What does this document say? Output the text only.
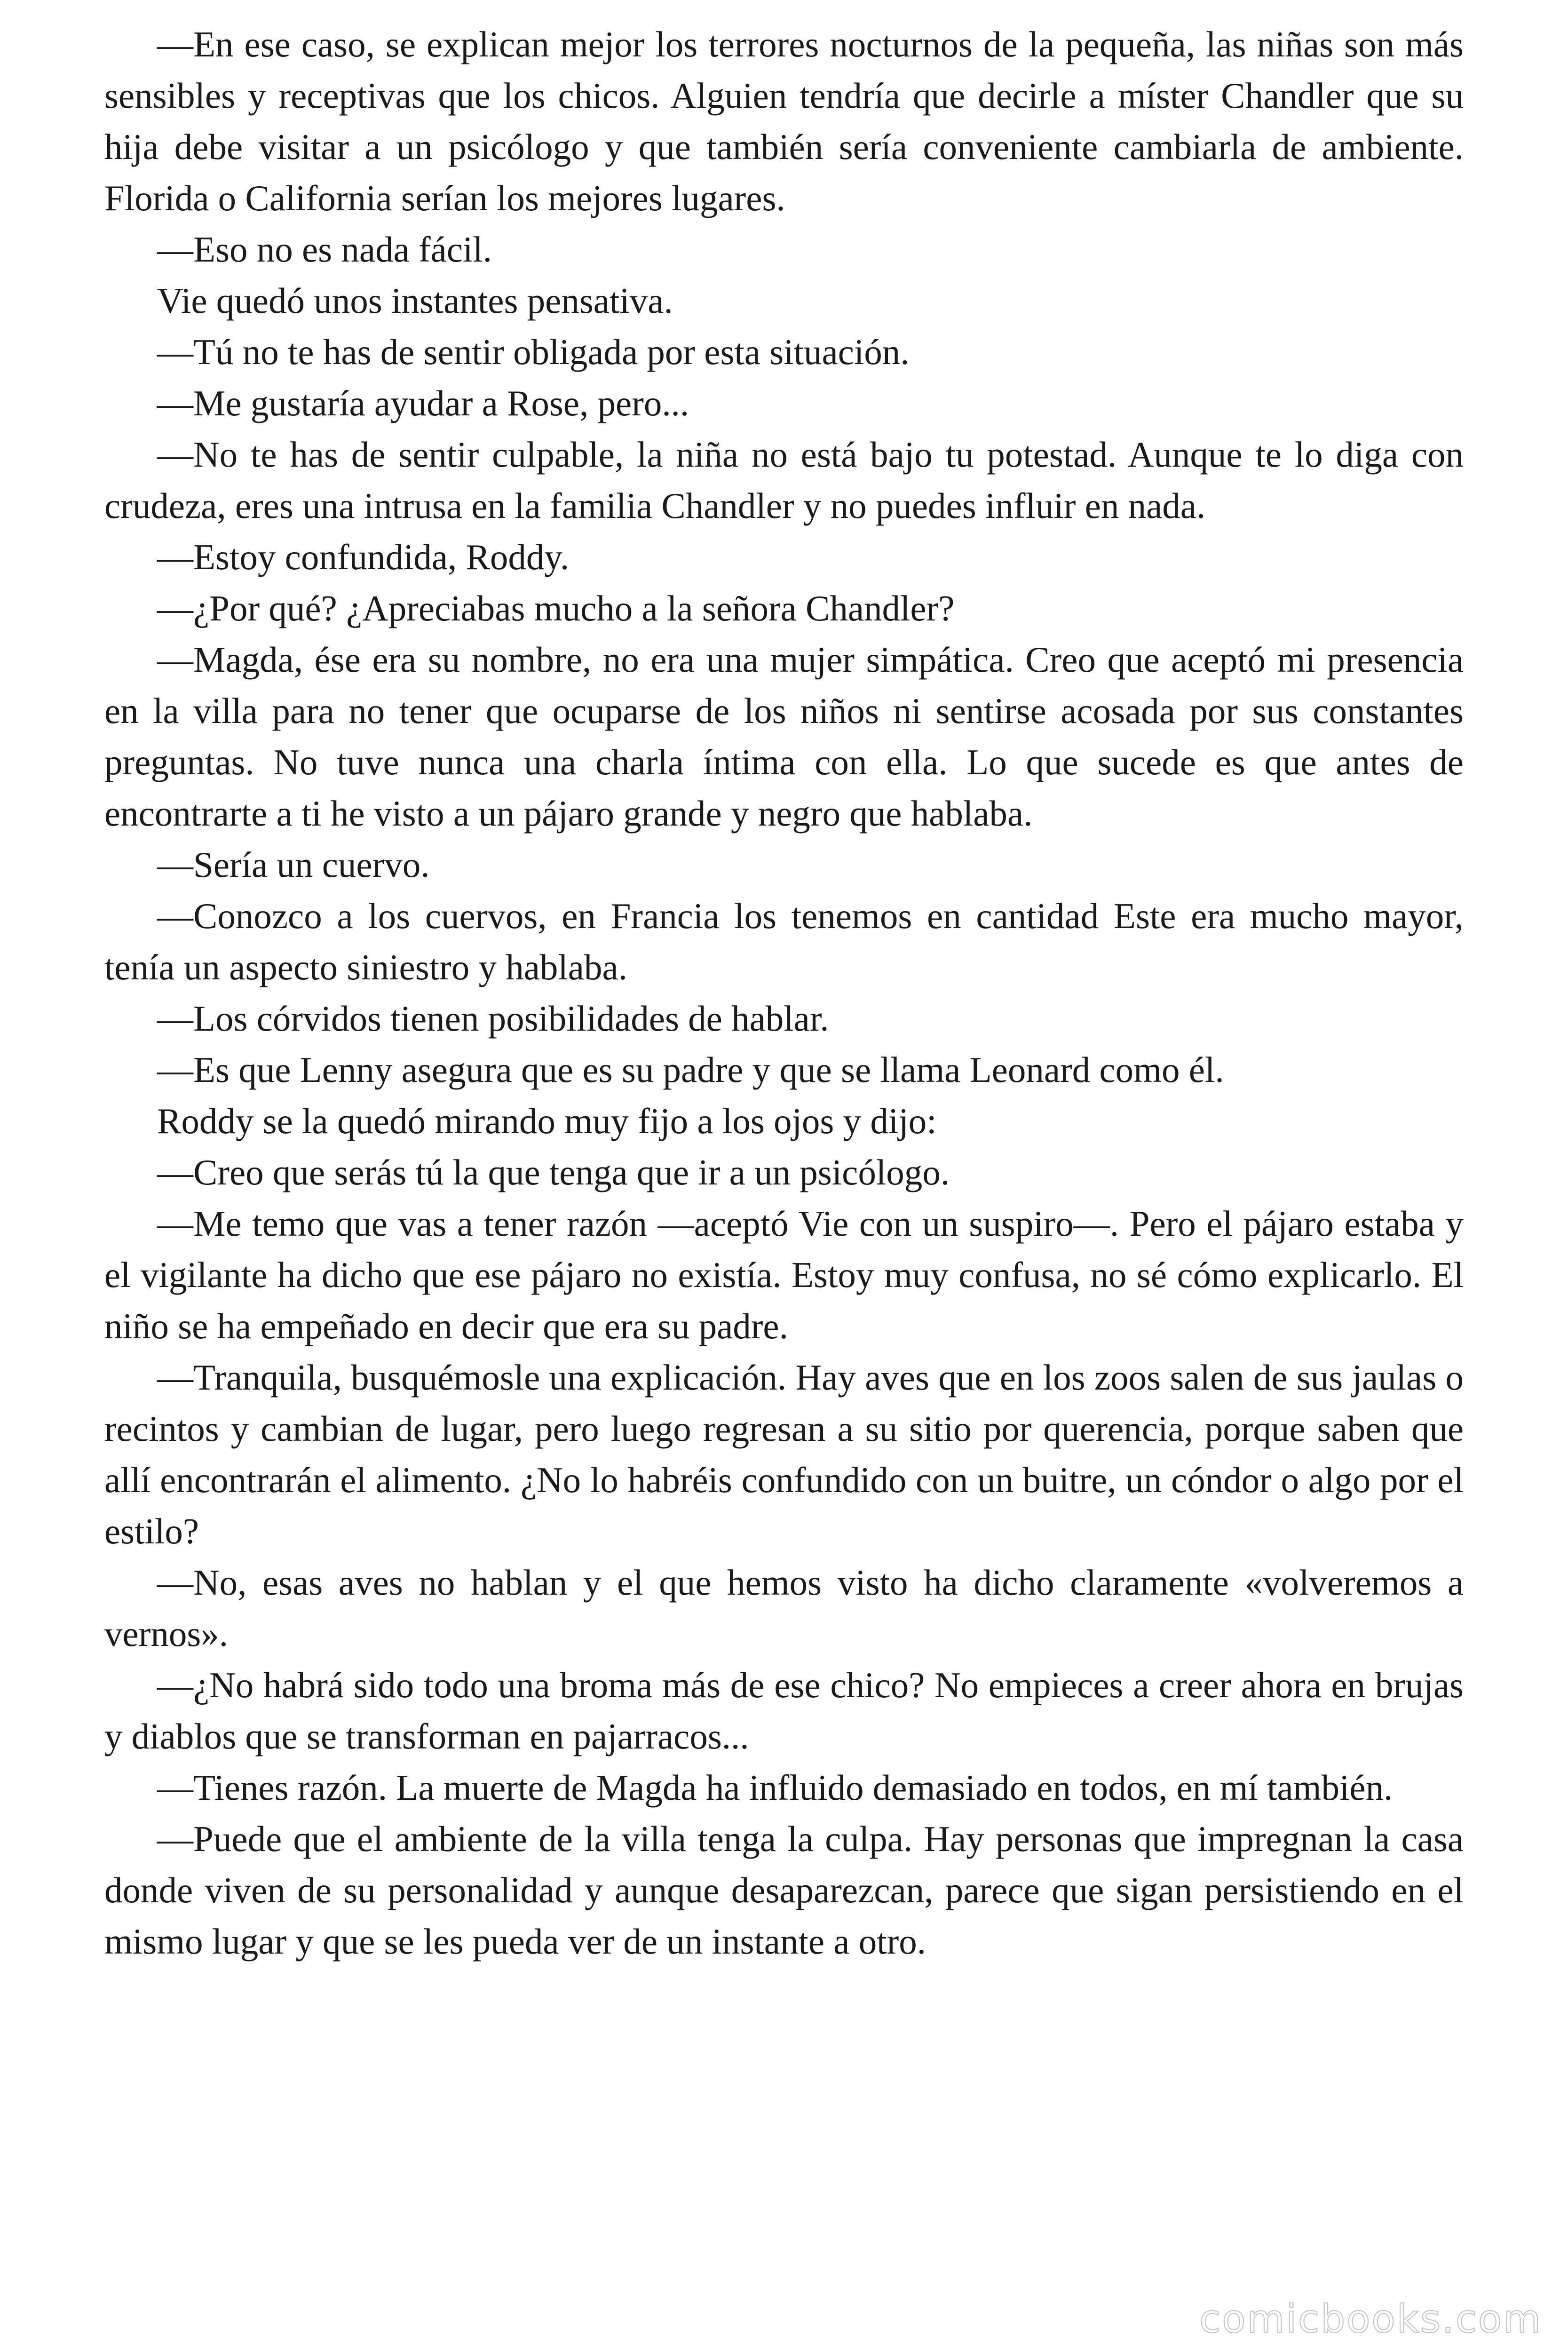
—En ese caso, se explican mejor los terrores nocturnos de la pequeña, las niñas son más sensibles y receptivas que los chicos. Alguien tendría que decirle a míster Chandler que su hija debe visitar a un psicólogo y que también sería conveniente cambiarla de ambiente. Florida o California serían los mejores lugares.

—Eso no es nada fácil.

Vie quedó unos instantes pensativa.

—Tú no te has de sentir obligada por esta situación.

—Me gustaría ayudar a Rose, pero...

—No te has de sentir culpable, la niña no está bajo tu potestad. Aunque te lo diga con crudeza, eres una intrusa en la familia Chandler y no puedes influir en nada.

—Estoy confundida, Roddy.

—¿Por qué? ¿Apreciabas mucho a la señora Chandler?

—Magda, ése era su nombre, no era una mujer simpática. Creo que aceptó mi presencia en la villa para no tener que ocuparse de los niños ni sentirse acosada por sus constantes preguntas. No tuve nunca una charla íntima con ella. Lo que sucede es que antes de encontrarte a ti he visto a un pájaro grande y negro que hablaba.

—Sería un cuervo.

—Conozco a los cuervos, en Francia los tenemos en cantidad Este era mucho mayor, tenía un aspecto siniestro y hablaba.

—Los córvidos tienen posibilidades de hablar.

—Es que Lenny asegura que es su padre y que se llama Leonard como él.

Roddy se la quedó mirando muy fijo a los ojos y dijo:

—Creo que serás tú la que tenga que ir a un psicólogo.

—Me temo que vas a tener razón —aceptó Vie con un suspiro—. Pero el pájaro estaba y el vigilante ha dicho que ese pájaro no existía. Estoy muy confusa, no sé cómo explicarlo. El niño se ha empeñado en decir que era su padre.

—Tranquila, busquémosle una explicación. Hay aves que en los zoos salen de sus jaulas o recintos y cambian de lugar, pero luego regresan a su sitio por querencia, porque saben que allí encontrarán el alimento. ¿No lo habréis confundido con un buitre, un cóndor o algo por el estilo?

—No, esas aves no hablan y el que hemos visto ha dicho claramente «volveremos a vernos».

—¿No habrá sido todo una broma más de ese chico? No empieces a creer ahora en brujas y diablos que se transforman en pajarracos...

—Tienes razón. La muerte de Magda ha influido demasiado en todos, en mí también.

—Puede que el ambiente de la villa tenga la culpa. Hay personas que impregnan la casa donde viven de su personalidad y aunque desaparezcan, parece que sigan persistiendo en el mismo lugar y que se les pueda ver de un instante a otro.

comicbooks.com
